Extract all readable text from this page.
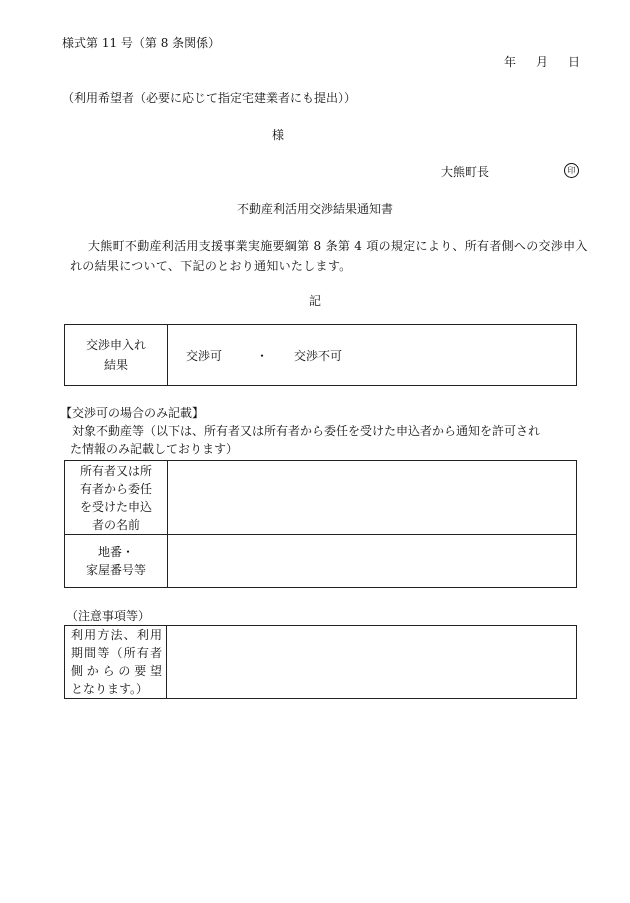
様式第 11 号（第 8 条関係）
年 月 日
（利用希望者（必要に応じて指定宅建業者にも提出））
様
大熊町長	印
不動産利活用交渉結果通知書
大熊町不動産利活用支援事業実施要綱第 8 条第 4 項の規定により、所有者側への交渉申入れの結果について、下記のとおり通知いたします。
記
交渉申入れ
結果
	交渉可	・ 交渉不可
【交渉可の場合のみ記載】
対象不動産等（以下は、所有者又は所有者から委任を受けた申込者から通知を許可され
た情報のみ記載しております）
所有者又は所
有者から委任
を受けた申込
者の名前	

地番・
家屋番号等	

（注意事項等）
利用方法、利用
期間等（所有者
側からの要望
となります。）
